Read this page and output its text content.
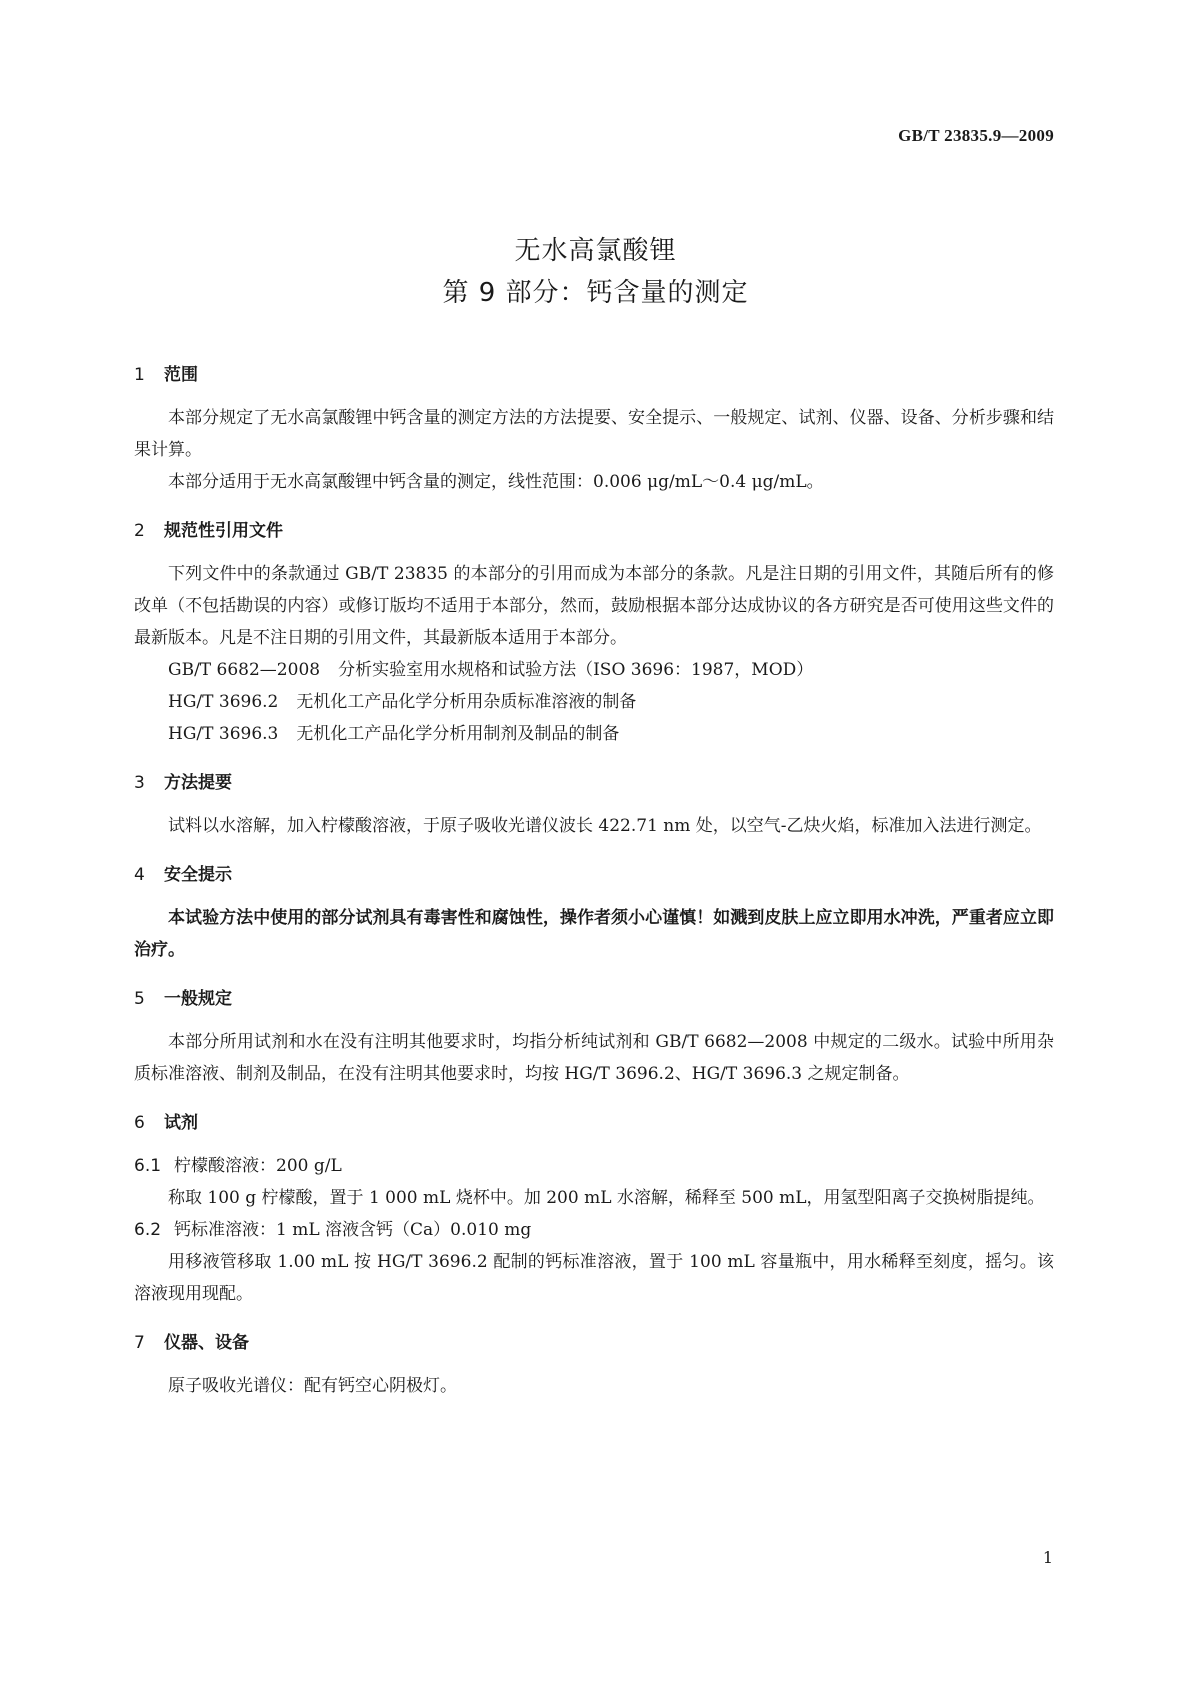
GB/T 23835.9—2009
无水高氯酸锂
第 9 部分：钙含量的测定
1 范围

本部分规定了无水高氯酸锂中钙含量的测定方法的方法提要、安全提示、一般规定、试剂、仪器、设备、分析步骤和结果计算。

本部分适用于无水高氯酸锂中钙含量的测定，线性范围：0.006 μg/mL～0.4 μg/mL。

2 规范性引用文件

下列文件中的条款通过 GB/T 23835 的本部分的引用而成为本部分的条款。凡是注日期的引用文件，其随后所有的修改单（不包括勘误的内容）或修订版均不适用于本部分，然而，鼓励根据本部分达成协议的各方研究是否可使用这些文件的最新版本。凡是不注日期的引用文件，其最新版本适用于本部分。

GB/T 6682—2008 分析实验室用水规格和试验方法（ISO 3696：1987，MOD）

HG/T 3696.2 无机化工产品化学分析用杂质标准溶液的制备

HG/T 3696.3 无机化工产品化学分析用制剂及制品的制备

3 方法提要

试料以水溶解，加入柠檬酸溶液，于原子吸收光谱仪波长 422.71 nm 处，以空气-乙炔火焰，标准加入法进行测定。

4 安全提示

本试验方法中使用的部分试剂具有毒害性和腐蚀性，操作者须小心谨慎！如溅到皮肤上应立即用水冲洗，严重者应立即治疗。

5 一般规定

本部分所用试剂和水在没有注明其他要求时，均指分析纯试剂和 GB/T 6682—2008 中规定的二级水。试验中所用杂质标准溶液、制剂及制品，在没有注明其他要求时，均按 HG/T 3696.2、HG/T 3696.3 之规定制备。

6 试剂

6.1 柠檬酸溶液：200 g/L

称取 100 g 柠檬酸，置于 1 000 mL 烧杯中。加 200 mL 水溶解，稀释至 500 mL，用氢型阳离子交换树脂提纯。

6.2 钙标准溶液：1 mL 溶液含钙（Ca）0.010 mg

用移液管移取 1.00 mL 按 HG/T 3696.2 配制的钙标准溶液，置于 100 mL 容量瓶中，用水稀释至刻度，摇匀。该溶液现用现配。

7 仪器、设备

原子吸收光谱仪：配有钙空心阴极灯。

1
